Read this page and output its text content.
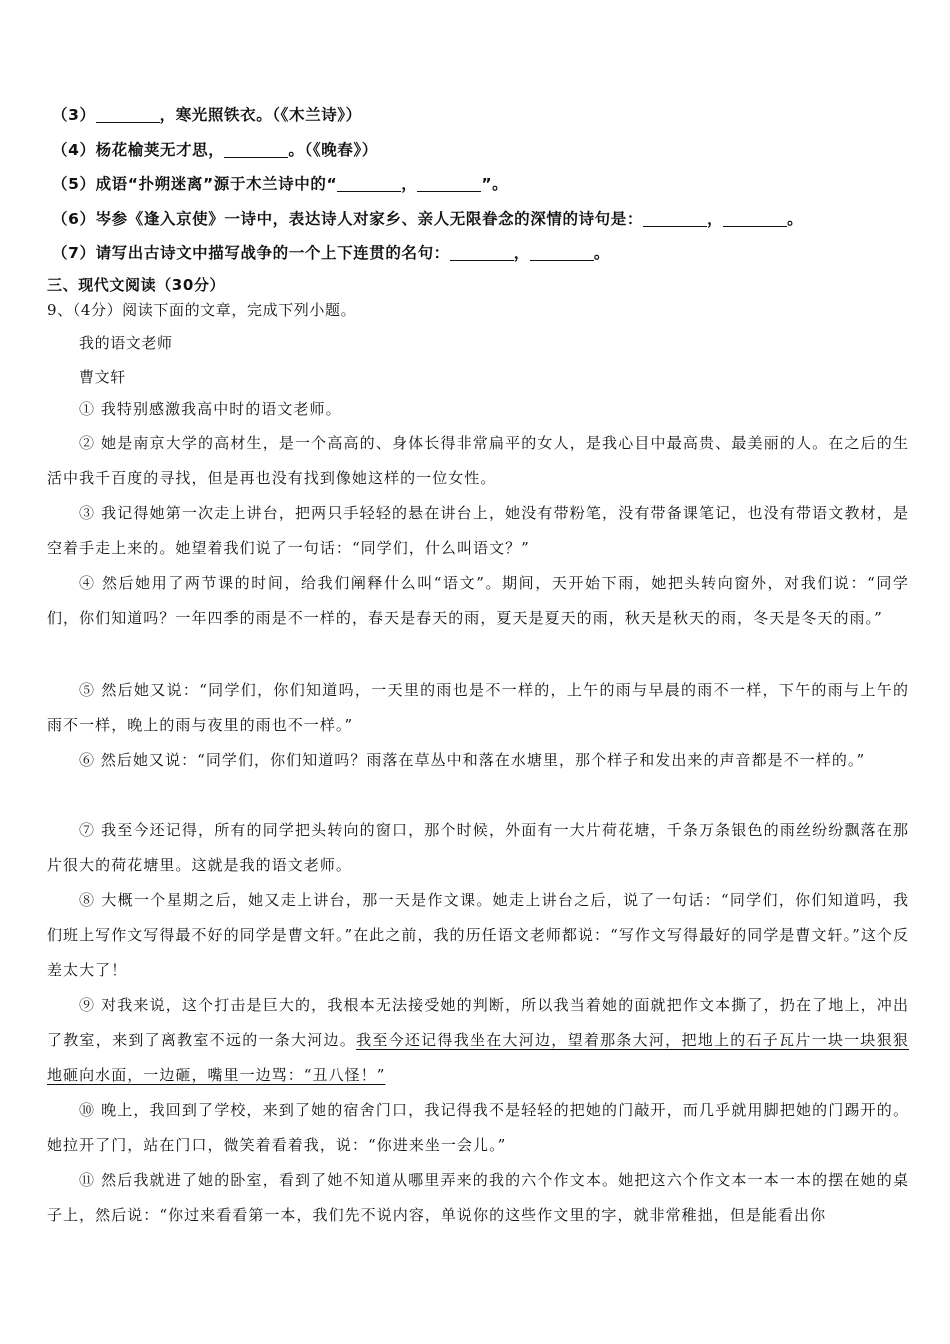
（3）	，寒光照铁衣。（《木兰诗》）
（4）杨花榆荚无才思，	。（《晚春》）
（5）成语“扑朔迷离”源于木兰诗中的“	，	”。
（6）岑参《逢入京使》一诗中，表达诗人对家乡、亲人无限眷念的深情的诗句是：	，	。
（7）请写出古诗文中描写战争的一个上下连贯的名句：	，	。
三、现代文阅读（30分）
9、（4分）阅读下面的文章，完成下列小题。
我的语文老师
曹文轩

① 我特别感激我高中时的语文老师。

② 她是南京大学的高材生，是一个高高的、身体长得非常扁平的女人，是我心目中最高贵、最美丽的人。在之后的生活中我千百度的寻找，但是再也没有找到像她这样的一位女性。

③ 我记得她第一次走上讲台，把两只手轻轻的悬在讲台上，她没有带粉笔，没有带备课笔记，也没有带语文教材，是空着手走上来的。她望着我们说了一句话：“同学们，什么叫语文？”

④ 然后她用了两节课的时间，给我们阐释什么叫“语文”。期间，天开始下雨，她把头转向窗外，对我们说：“同学们，你们知道吗？一年四季的雨是不一样的，春天是春天的雨，夏天是夏天的雨，秋天是秋天的雨，冬天是冬天的雨。”

⑤ 然后她又说：“同学们，你们知道吗，一天里的雨也是不一样的，上午的雨与早晨的雨不一样，下午的雨与上午的雨不一样，晚上的雨与夜里的雨也不一样。”

⑥ 然后她又说：“同学们，你们知道吗？雨落在草丛中和落在水塘里，那个样子和发出来的声音都是不一样的。”

⑦ 我至今还记得，所有的同学把头转向的窗口，那个时候，外面有一大片荷花塘，千条万条银色的雨丝纷纷飘落在那片很大的荷花塘里。这就是我的语文老师。

⑧ 大概一个星期之后，她又走上讲台，那一天是作文课。她走上讲台之后，说了一句话：“同学们，你们知道吗，我们班上写作文写得最不好的同学是曹文轩。”在此之前，我的历任语文老师都说：“写作文写得最好的同学是曹文轩。”这个反差太大了！

⑨ 对我来说，这个打击是巨大的，我根本无法接受她的判断，所以我当着她的面就把作文本撕了，扔在了地上，冲出了教室，来到了离教室不远的一条大河边。我至今还记得我坐在大河边，望着那条大河，把地上的石子瓦片一块一块狠狠地砸向水面，一边砸，嘴里一边骂：“丑八怪！”

⑩ 晚上，我回到了学校，来到了她的宿舍门口，我记得我不是轻轻的把她的门敲开，而几乎就用脚把她的门踢开的。她拉开了门，站在门口，微笑着看着我，说：“你进来坐一会儿。”

⑪ 然后我就进了她的卧室，看到了她不知道从哪里弄来的我的六个作文本。她把这六个作文本一本一本的摆在她的桌子上，然后说：“你过来看看第一本，我们先不说内容，单说你的这些作文里的字，就非常稚拙，但是能看出你
